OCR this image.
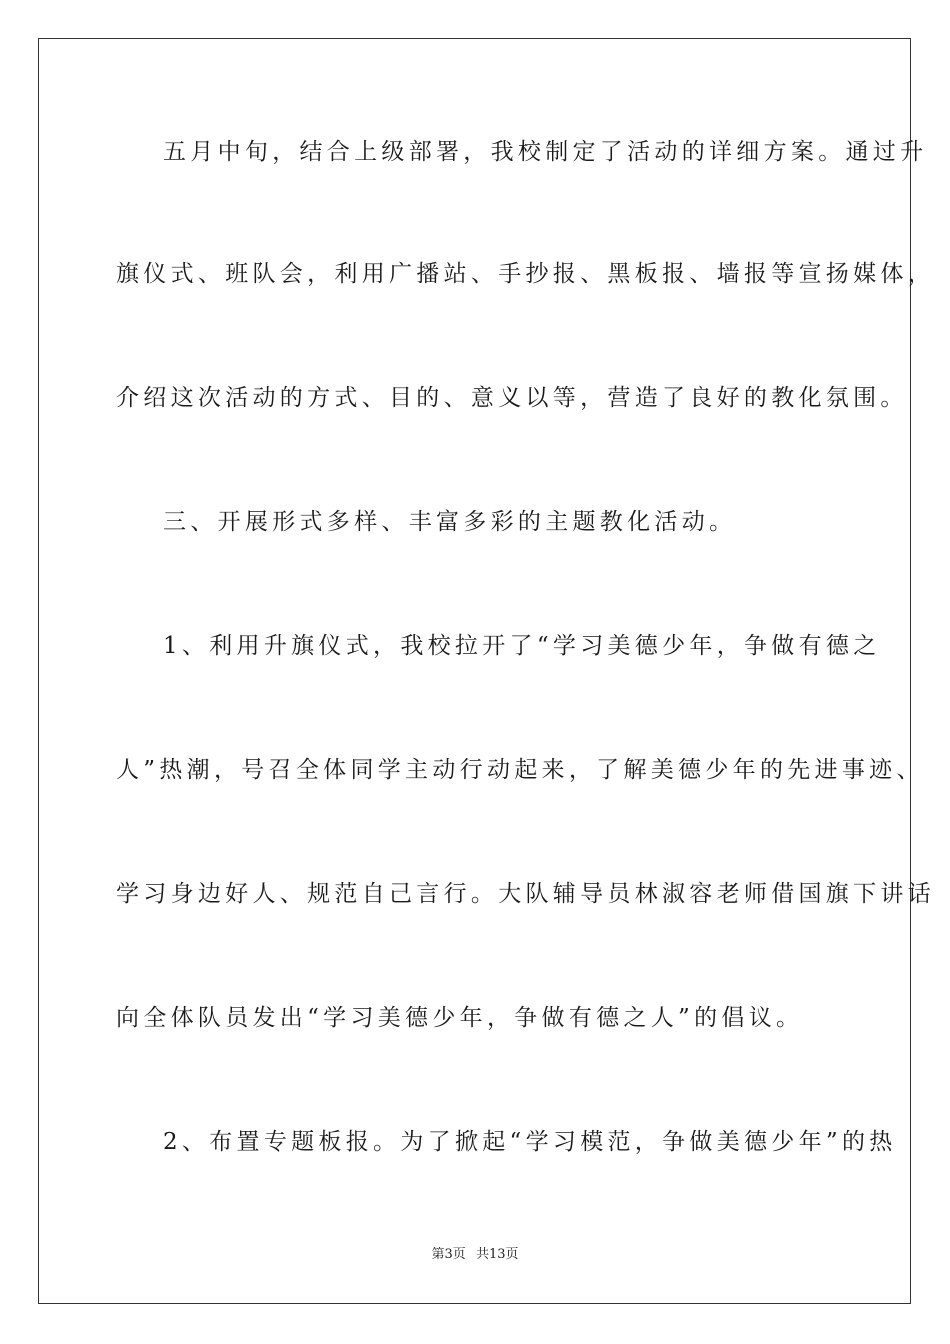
五月中旬，结合上级部署，我校制定了活动的详细方案。通过升
旗仪式、班队会，利用广播站、手抄报、黑板报、墙报等宣扬媒体，
介绍这次活动的方式、目的、意义以等，营造了良好的教化氛围。
三、开展形式多样、丰富多彩的主题教化活动。
1、利用升旗仪式，我校拉开了“学习美德少年，争做有德之
人”热潮，号召全体同学主动行动起来，了解美德少年的先进事迹、
学习身边好人、规范自己言行。大队辅导员林淑容老师借国旗下讲话
向全体队员发出“学习美德少年，争做有德之人”的倡议。
2、布置专题板报。为了掀起“学习模范，争做美德少年”的热
第3页 共13页
